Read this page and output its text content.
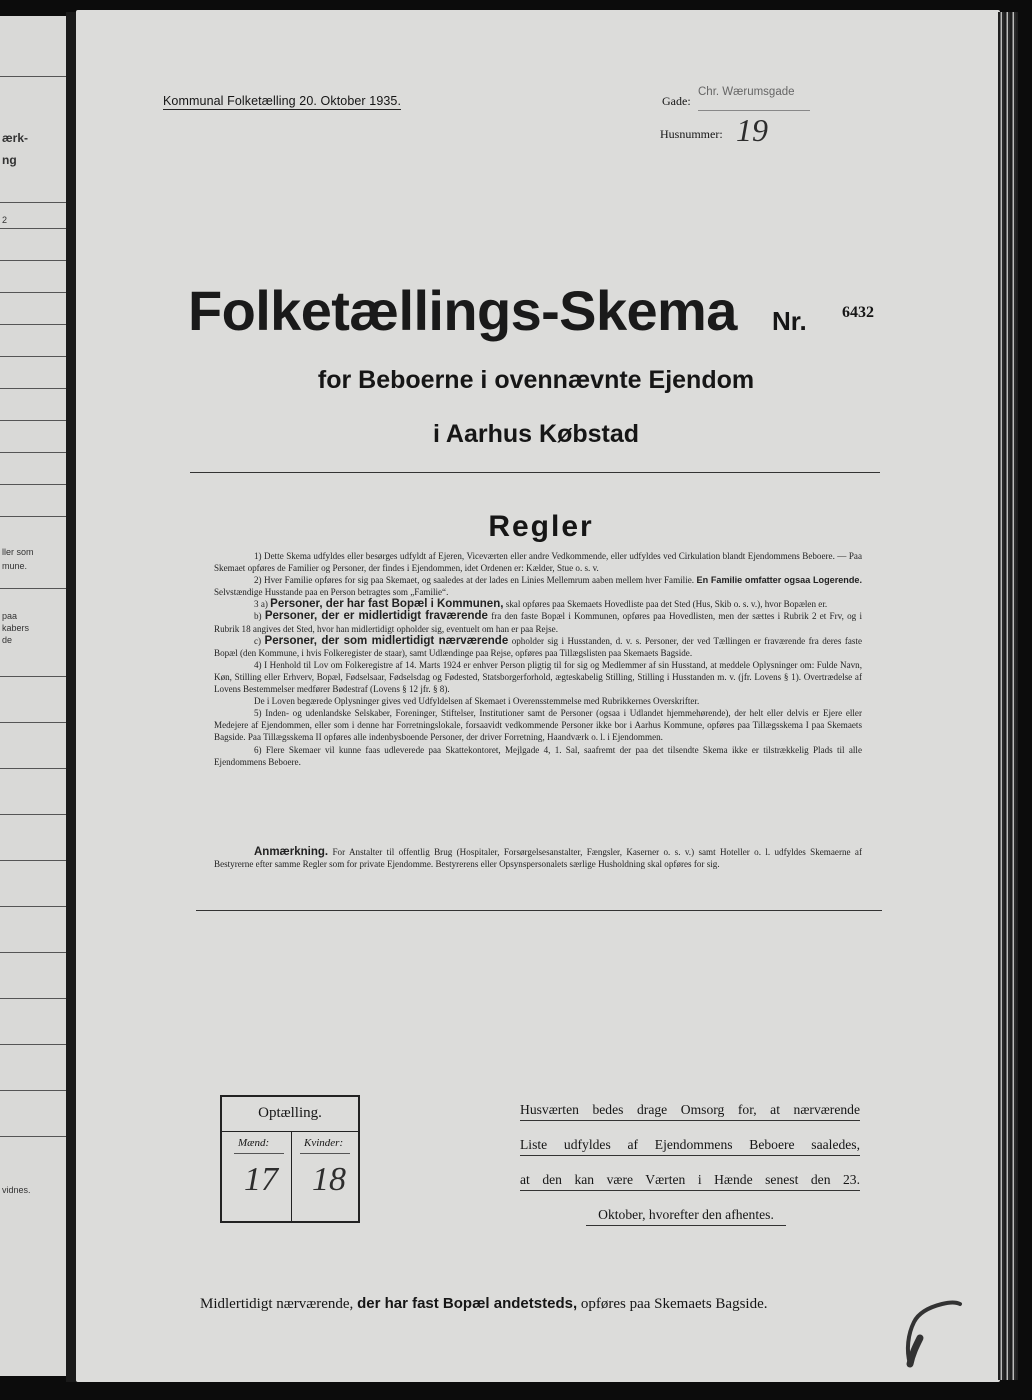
ærk-
ng
2
ller som
mune.
paa
kabers
de
vidnes.
Kommunal Folketælling 20. Oktober 1935.	Gade:
Chr. Wærumsgade
Husnummer: 19
Folketællings-Skema Nr. 6432
for Beboerne i ovennævnte Ejendom
i Aarhus Købstad
Regler

1) Dette Skema udfyldes eller besørges udfyldt af Ejeren, Viceværten eller andre Vedkommende, eller udfyldes ved Cirkulation blandt Ejendommens Beboere. — Paa Skemaet opføres de Familier og Personer, der findes i Ejendommen, idet Ordenen er: Kælder, Stue o. s. v.

2) Hver Familie opføres for sig paa Skemaet, og saaledes at der lades en Linies Mellemrum aaben mellem hver Familie. En Familie omfatter ogsaa Logerende. Selvstændige Husstande paa en Person betragtes som „Familie“.

3 a) Personer, der har fast Bopæl i Kommunen, skal opføres paa Skemaets Hovedliste paa det Sted (Hus, Skib o. s. v.), hvor Bopælen er.

b) Personer, der er midlertidigt fraværende fra den faste Bopæl i Kommunen, opføres paa Hovedlisten, men der sættes i Rubrik 2 et Frv, og i Rubrik 18 angives det Sted, hvor han midlertidigt opholder sig, eventuelt om han er paa Rejse.

c) Personer, der som midlertidigt nærværende opholder sig i Husstanden, d. v. s. Personer, der ved Tællingen er fraværende fra deres faste Bopæl (den Kommune, i hvis Folkeregister de staar), samt Udlændinge paa Rejse, opføres paa Tillægslisten paa Skemaets Bagside.

4) I Henhold til Lov om Folkeregistre af 14. Marts 1924 er enhver Person pligtig til for sig og Medlemmer af sin Husstand, at meddele Oplysninger om: Fulde Navn, Køn, Stilling eller Erhverv, Bopæl, Fødselsaar, Fødselsdag og Fødested, Statsborgerforhold, ægteskabelig Stilling, Stilling i Husstanden m. v. (jfr. Lovens § 1). Overtrædelse af Lovens Bestemmelser medfører Bødestraf (Lovens § 12 jfr. § 8).

De i Loven begærede Oplysninger gives ved Udfyldelsen af Skemaet i Overensstemmelse med Rubrikkernes Overskrifter.

5) Inden- og udenlandske Selskaber, Foreninger, Stiftelser, Institutioner samt de Personer (ogsaa i Udlandet hjemmehørende), der helt eller delvis er Ejere eller Medejere af Ejendommen, eller som i denne har Forretningslokale, forsaavidt vedkommende Personer ikke bor i Aarhus Kommune, opføres paa Tillægsskema I paa Skemaets Bagside. Paa Tillægsskema II opføres alle indenbysboende Personer, der driver Forretning, Haandværk o. l. i Ejendommen.

6) Flere Skemaer vil kunne faas udleverede paa Skattekontoret, Mejlgade 4, 1. Sal, saafremt der paa det tilsendte Skema ikke er tilstrækkelig Plads til alle Ejendommens Beboere.

Anmærkning. For Anstalter til offentlig Brug (Hospitaler, Forsørgelsesanstalter, Fængsler, Kaserner o. s. v.) samt Hoteller o. l. udfyldes Skemaerne af Bestyrerne efter samme Regler som for private Ejendomme. Bestyrerens eller Opsynspersonalets særlige Husholdning skal opføres for sig.

Optælling.
Mænd:	Kvinder:
17 18
Husværten bedes drage Omsorg for, at nærværende
Liste udfyldes af Ejendommens Beboere saaledes,
at den kan være Værten i Hænde senest den 23.
Oktober, hvorefter den afhentes.
Midlertidigt nærværende, der har fast Bopæl andetsteds, opføres paa Skemaets Bagside.
